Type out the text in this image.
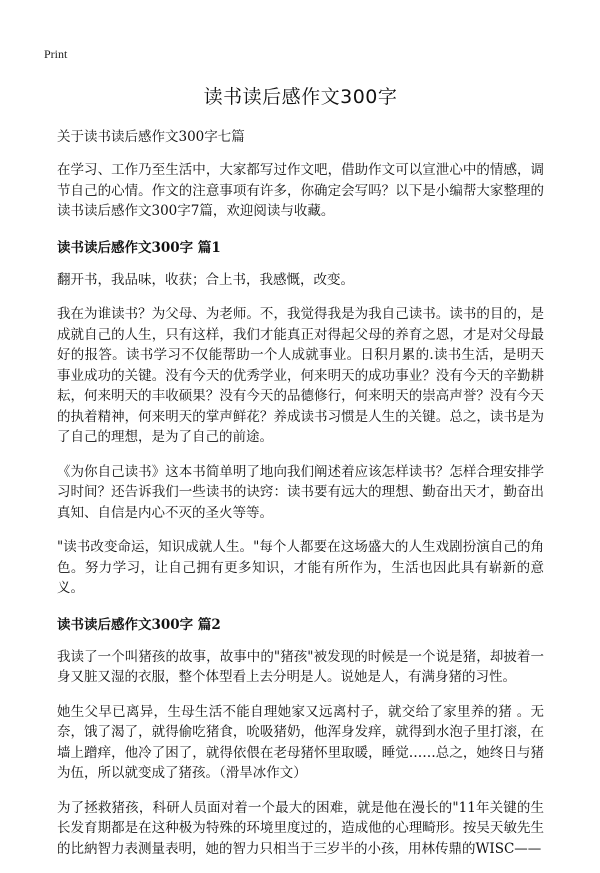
Print
读书读后感作文300字
关于读书读后感作文300字七篇

在学习、工作乃至生活中，大家都写过作文吧，借助作文可以宣泄心中的情感，调节自己的心情。作文的注意事项有许多，你确定会写吗？以下是小编帮大家整理的读书读后感作文300字7篇，欢迎阅读与收藏。

读书读后感作文300字 篇1

翻开书，我品味，收获；合上书，我感慨，改变。

我在为谁读书？为父母、为老师。不，我觉得我是为我自己读书。读书的目的，是成就自己的人生，只有这样，我们才能真正对得起父母的养育之恩，才是对父母最好的报答。读书学习不仅能帮助一个人成就事业。日积月累的.读书生活，是明天事业成功的关键。没有今天的优秀学业，何来明天的成功事业？没有今天的辛勤耕耘，何来明天的丰收硕果？没有今天的品德修行，何来明天的崇高声誉？没有今天的执着精神，何来明天的掌声鲜花？养成读书习惯是人生的关键。总之，读书是为了自己的理想，是为了自己的前途。

《为你自己读书》这本书简单明了地向我们阐述着应该怎样读书？怎样合理安排学习时间？还告诉我们一些读书的诀窍：读书要有远大的理想、勤奋出天才，勤奋出真知、自信是内心不灭的圣火等等。

"读书改变命运，知识成就人生。"每个人都要在这场盛大的人生戏剧扮演自己的角色。努力学习，让自己拥有更多知识，才能有所作为，生活也因此具有崭新的意义。

读书读后感作文300字 篇2

我读了一个叫猪孩的故事，故事中的"猪孩"被发现的时候是一个说是猪，却披着一身又脏又湿的衣服，整个体型看上去分明是人。说她是人，有满身猪的习性。

她生父早已离异，生母生活不能自理她家又远离村子，就交给了家里养的猪 。无奈，饿了渴了，就得偷吃猪食，吮吸猪奶，他浑身发痒，就得到水泡子里打滚，在墙上蹭痒，他冷了困了，就得依偎在老母猪怀里取暖，睡觉……总之，她终日与猪为伍，所以就变成了猪孩。（滑旱冰作文）

为了拯救猪孩，科研人员面对着一个最大的困难，就是他在漫长的"11年关键的生长发育期都是在这种极为特殊的环境里度过的，造成他的心理畸形。按吴天敏先生的比納智力表测量表明，她的智力只相当于三岁半的小孩，用林传鼎的WISC——
